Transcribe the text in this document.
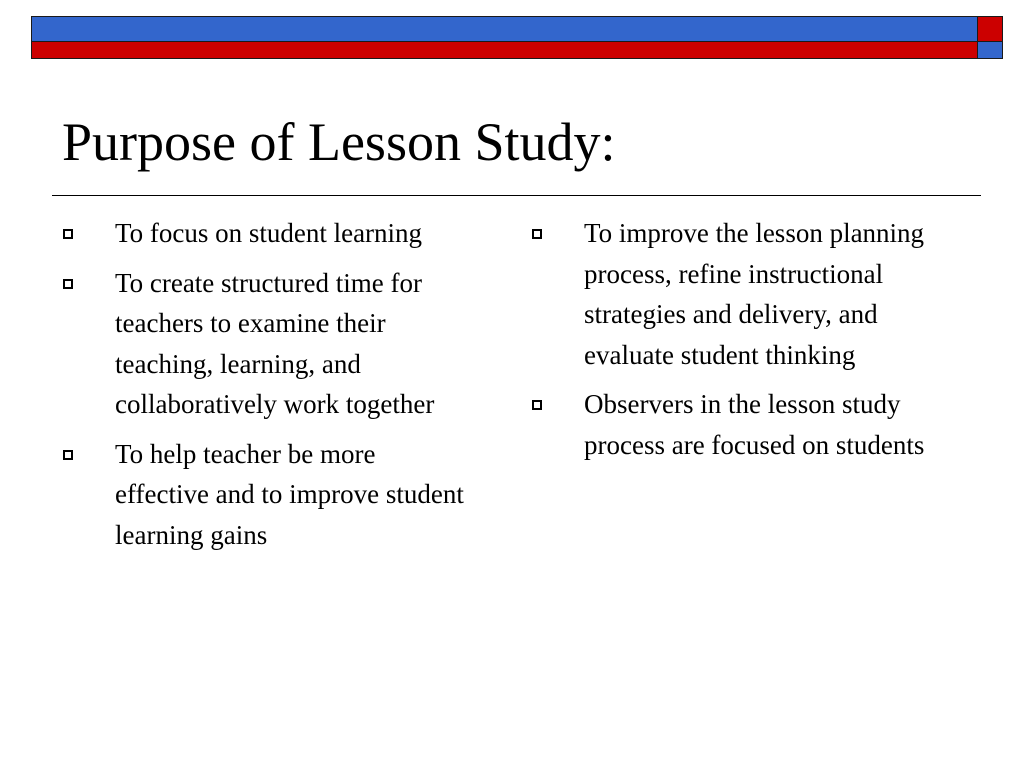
Purpose of Lesson Study:
To focus on student learning
To create structured time for teachers to examine their teaching, learning, and collaboratively work together
To help teacher be more effective and to improve student learning gains
To improve the lesson planning process, refine instructional strategies and delivery, and evaluate student thinking
Observers in the lesson study process are focused on students
